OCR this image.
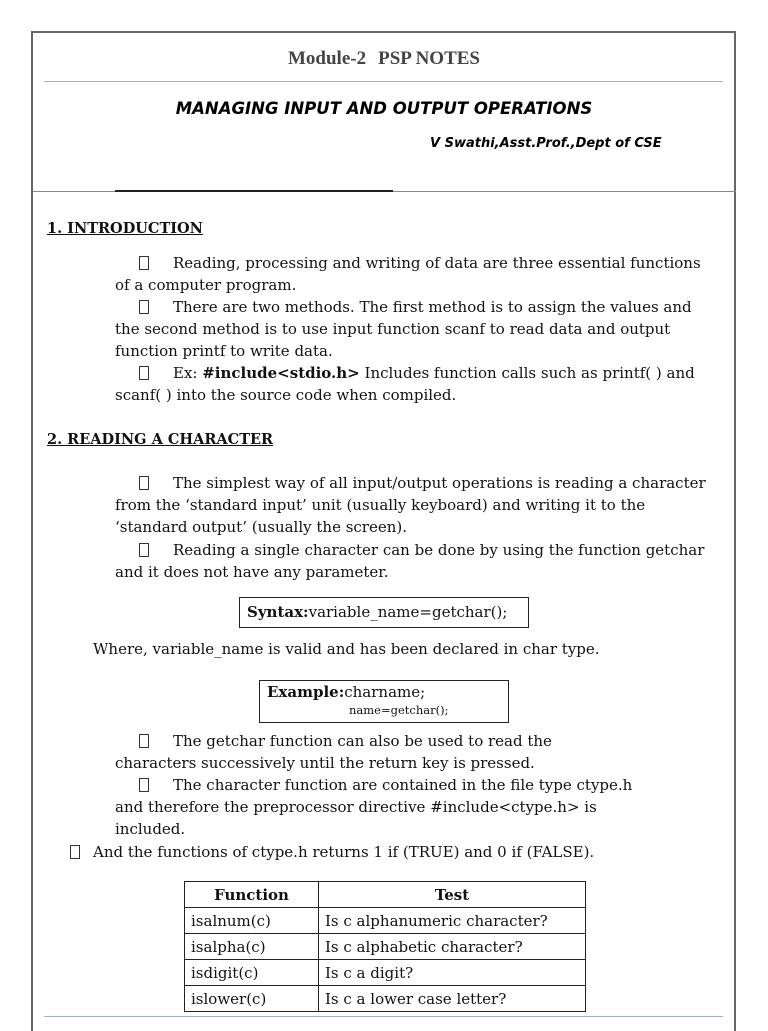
Module-2 PSP NOTES
MANAGING INPUT AND OUTPUT OPERATIONS
V Swathi,Asst.Prof.,Dept of CSE
1. INTRODUCTION
Reading, processing and writing of data are three essential functions
of a computer program.
There are two methods. The first method is to assign the values and
the second method is to use input function scanf to read data and output
function printf to write data.
Ex: #include<stdio.h> Includes function calls such as printf( ) and
scanf( ) into the source code when compiled.
2. READING A CHARACTER
The simplest way of all input/output operations is reading a character
from the ‘standard input’ unit (usually keyboard) and writing it to the
‘standard output’ (usually the screen).
Reading a single character can be done by using the function getchar
and it does not have any parameter.
Syntax:variable_name=getchar();
Where, variable_name is valid and has been declared in char type.
Example:charname;
name=getchar();
The getchar function can also be used to read the
characters successively until the return key is pressed.
The character function are contained in the file type ctype.h
and therefore the preprocessor directive #include<ctype.h> is
included.
And the functions of ctype.h returns 1 if (TRUE) and 0 if (FALSE).
Function	Test
isalnum(c)	Is c alphanumeric character?
isalpha(c)	Is c alphabetic character?
isdigit(c)	Is c a digit?
islower(c)	Is c a lower case letter?
